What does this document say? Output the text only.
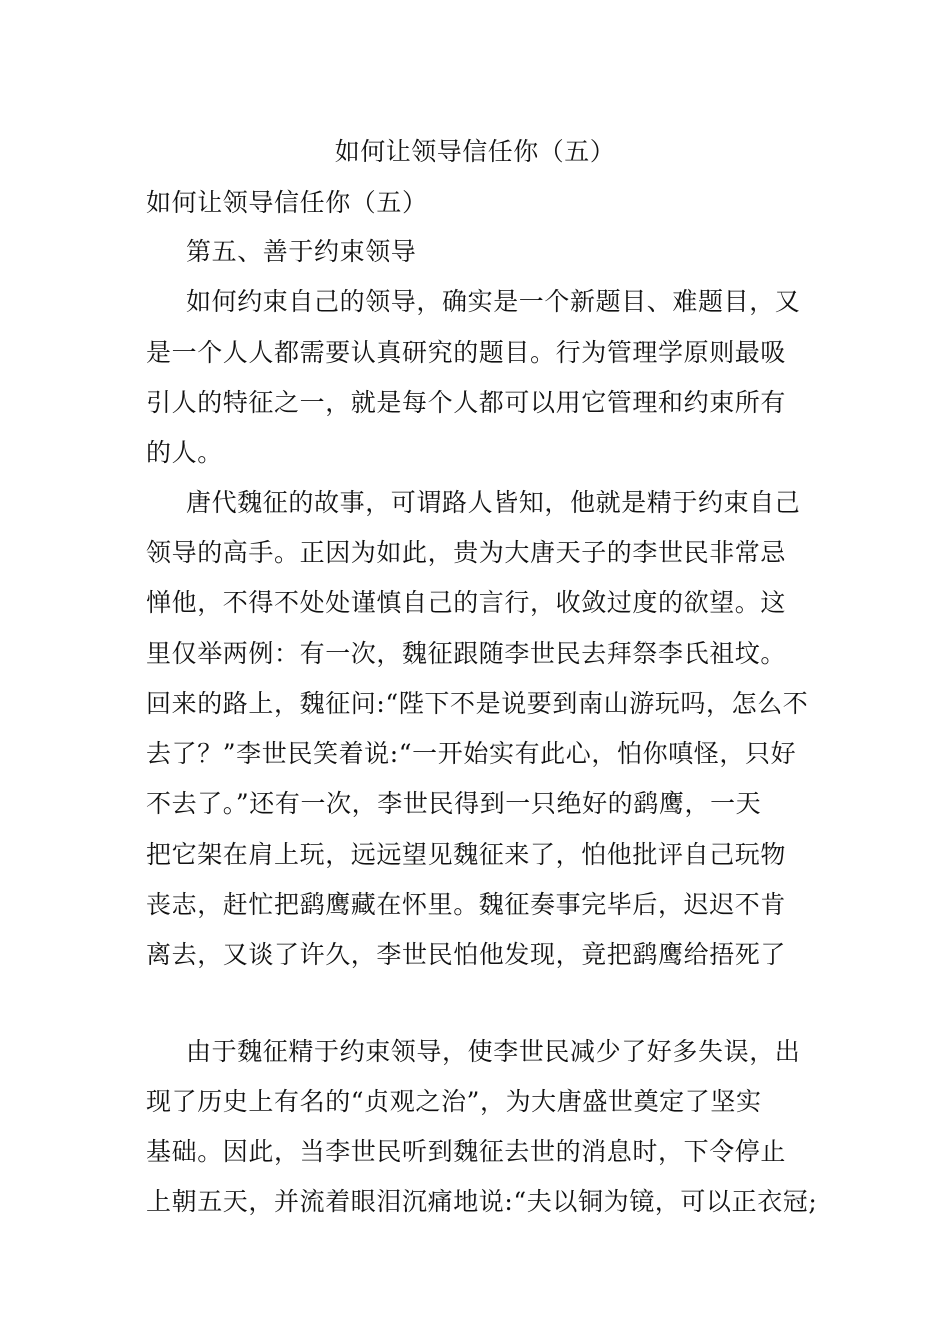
如何让领导信任你（五）

如何让领导信任你（五）

第五、善于约束领导

如何约束自己的领导，确实是一个新题目、难题目，又

是一个人人都需要认真研究的题目。行为管理学原则最吸

引人的特征之一，就是每个人都可以用它管理和约束所有

的人。

唐代魏征的故事，可谓路人皆知，他就是精于约束自己

领导的高手。正因为如此，贵为大唐天子的李世民非常忌

惮他，不得不处处谨慎自己的言行，收敛过度的欲望。这

里仅举两例：有一次，魏征跟随李世民去拜祭李氏祖坟。

回来的路上，魏征问:“陛下不是说要到南山游玩吗，怎么不

去了？”李世民笑着说:“一开始实有此心，怕你嗔怪，只好

不去了。”还有一次，李世民得到一只绝好的鹞鹰，一天

把它架在肩上玩，远远望见魏征来了，怕他批评自己玩物

丧志，赶忙把鹞鹰藏在怀里。魏征奏事完毕后，迟迟不肯

离去，又谈了许久，李世民怕他发现，竟把鹞鹰给捂死了

由于魏征精于约束领导，使李世民减少了好多失误，出

现了历史上有名的“贞观之治”，为大唐盛世奠定了坚实

基础。因此，当李世民听到魏征去世的消息时，下令停止

上朝五天，并流着眼泪沉痛地说:“夫以铜为镜，可以正衣冠;
